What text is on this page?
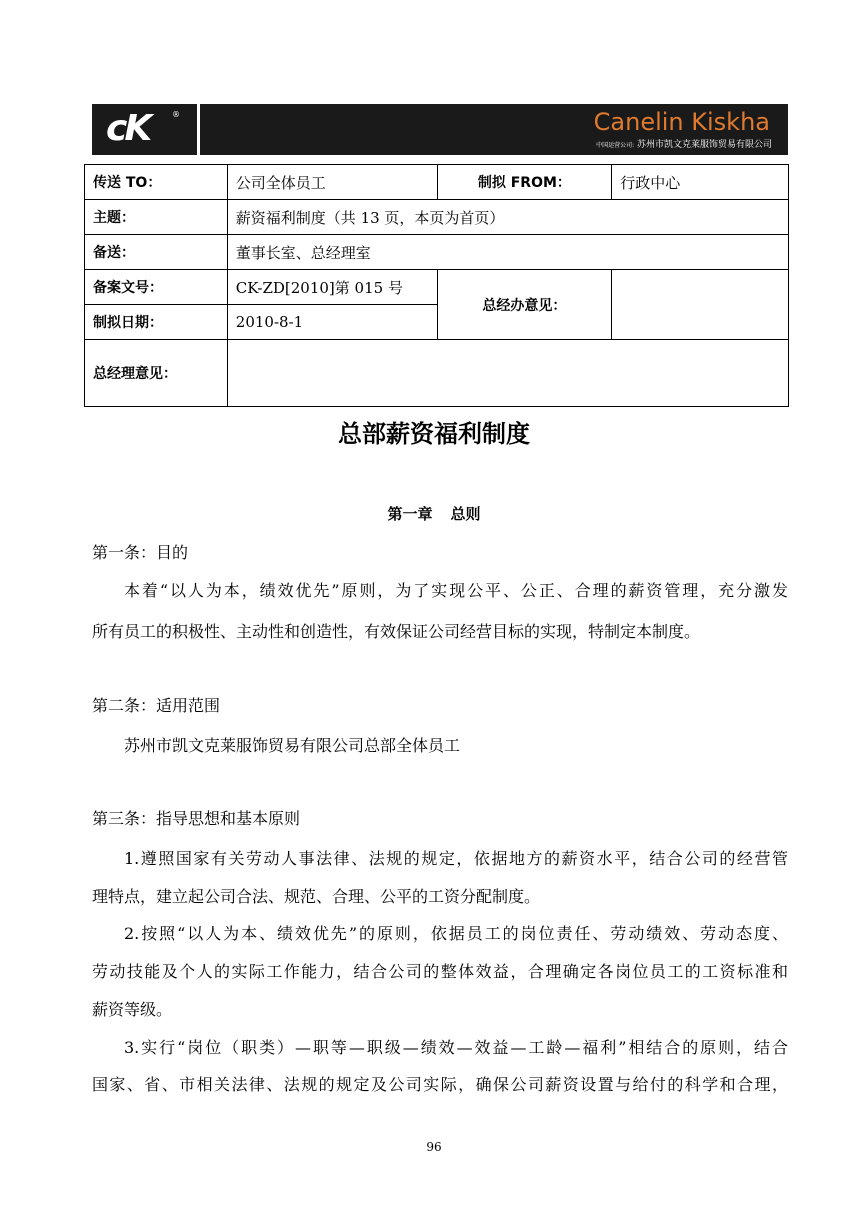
cK	®	Canelin Kiskha
中国运营公司: 苏州市凯文克莱服饰贸易有限公司
传送 TO：	公司全体员工	制拟 FROM：	行政中心
主题：	薪资福利制度（共 13 页，本页为首页）		
备送：	董事长室、总经理室		
备案文号：	CK-ZD[2010]第 015 号	总经办意见：	
制拟日期：	2010-8-1		
总经理意见：			
总部薪资福利制度
第一章 总则
第一条：目的
本着“以人为本，绩效优先”原则，为了实现公平、公正、合理的薪资管理，充分激发
所有员工的积极性、主动性和创造性，有效保证公司经营目标的实现，特制定本制度。
第二条：适用范围
苏州市凯文克莱服饰贸易有限公司总部全体员工
第三条：指导思想和基本原则
1.遵照国家有关劳动人事法律、法规的规定，依据地方的薪资水平，结合公司的经营管
理特点，建立起公司合法、规范、合理、公平的工资分配制度。
2.按照“以人为本、绩效优先”的原则，依据员工的岗位责任、劳动绩效、劳动态度、
劳动技能及个人的实际工作能力，结合公司的整体效益，合理确定各岗位员工的工资标准和
薪资等级。
3.实行“岗位（职类）—职等—职级—绩效—效益—工龄—福利”相结合的原则，结合
国家、省、市相关法律、法规的规定及公司实际，确保公司薪资设置与给付的科学和合理，
96
